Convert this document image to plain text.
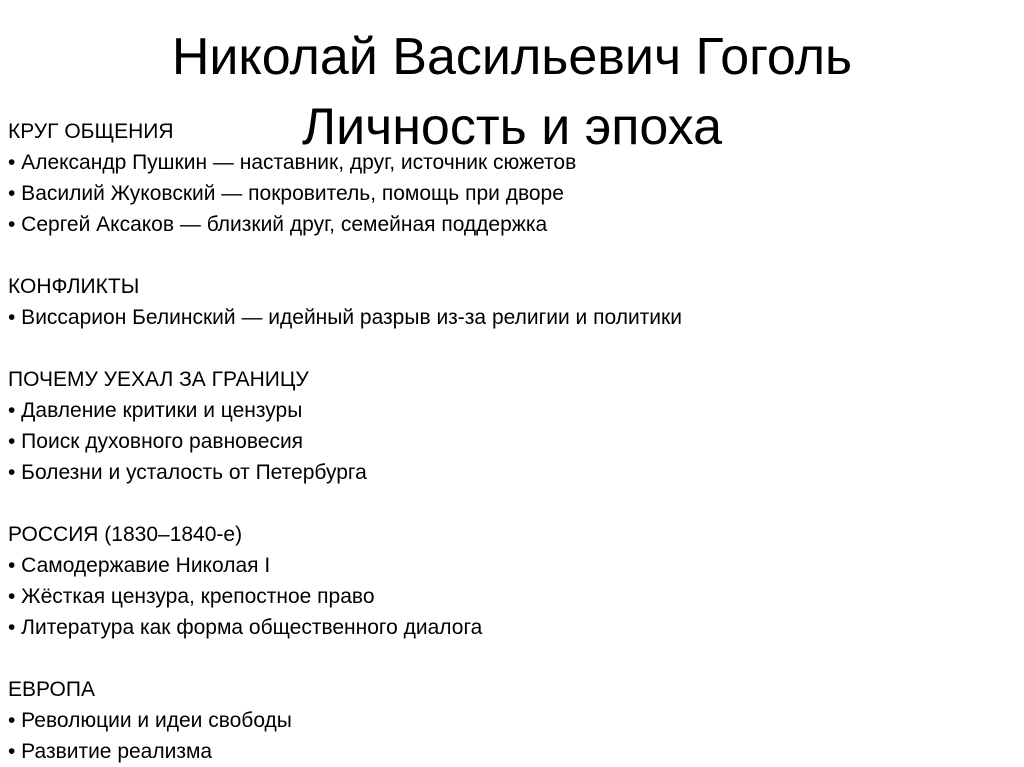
КРУГ ОБЩЕНИЯ
• Александр Пушкин — наставник, друг, источник сюжетов
• Василий Жуковский — покровитель, помощь при дворе
• Сергей Аксаков — близкий друг, семейная поддержка
КОНФЛИКТЫ
• Виссарион Белинский — идейный разрыв из-за религии и политики
ПОЧЕМУ УЕХАЛ ЗА ГРАНИЦУ
• Давление критики и цензуры
• Поиск духовного равновесия
• Болезни и усталость от Петербурга
РОССИЯ (1830–1840-е)
• Самодержавие Николая I
• Жёсткая цензура, крепостное право
• Литература как форма общественного диалога
ЕВРОПА
• Революции и идеи свободы
• Развитие реализма
Николай Васильевич Гоголь
Личность и эпоха
